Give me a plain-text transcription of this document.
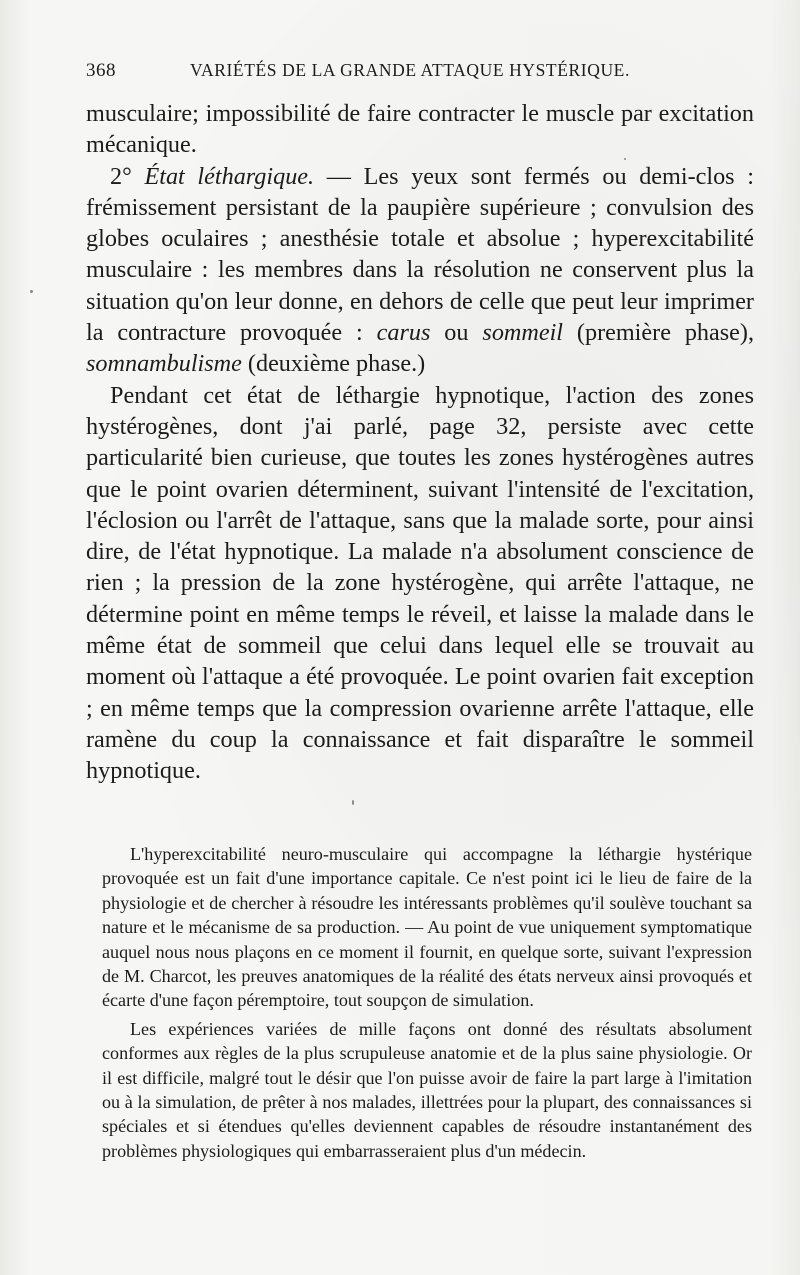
368	VARIÉTÉS DE LA GRANDE ATTAQUE HYSTÉRIQUE.

musculaire; impossibilité de faire contracter le muscle par excitation mécanique.

2° État léthargique. — Les yeux sont fermés ou demi-clos : frémissement persistant de la paupière supérieure ; convulsion des globes oculaires ; anesthésie totale et absolue ; hyperexcitabilité musculaire : les membres dans la résolution ne conservent plus la situation qu'on leur donne, en dehors de celle que peut leur imprimer la contracture provoquée : carus ou sommeil (première phase), somnambulisme (deuxième phase.)

Pendant cet état de léthargie hypnotique, l'action des zones hystérogènes, dont j'ai parlé, page 32, persiste avec cette particularité bien curieuse, que toutes les zones hystérogènes autres que le point ovarien déterminent, suivant l'intensité de l'excitation, l'éclosion ou l'arrêt de l'attaque, sans que la malade sorte, pour ainsi dire, de l'état hypnotique. La malade n'a absolument conscience de rien ; la pression de la zone hystérogène, qui arrête l'attaque, ne détermine point en même temps le réveil, et laisse la malade dans le même état de sommeil que celui dans lequel elle se trouvait au moment où l'attaque a été provoquée. Le point ovarien fait exception ; en même temps que la compression ovarienne arrête l'attaque, elle ramène du coup la connaissance et fait disparaître le sommeil hypnotique.

L'hyperexcitabilité neuro-musculaire qui accompagne la léthargie hystérique provoquée est un fait d'une importance capitale. Ce n'est point ici le lieu de faire de la physiologie et de chercher à résoudre les intéressants problèmes qu'il soulève touchant sa nature et le mécanisme de sa production. — Au point de vue uniquement symptomatique auquel nous nous plaçons en ce moment il fournit, en quelque sorte, suivant l'expression de M. Charcot, les preuves anatomiques de la réalité des états nerveux ainsi provoqués et écarte d'une façon péremptoire, tout soupçon de simulation.

Les expériences variées de mille façons ont donné des résultats absolument conformes aux règles de la plus scrupuleuse anatomie et de la plus saine physiologie. Or il est difficile, malgré tout le désir que l'on puisse avoir de faire la part large à l'imitation ou à la simulation, de prêter à nos malades, illettrées pour la plupart, des connaissances si spéciales et si étendues qu'elles deviennent capables de résoudre instantanément des problèmes physiologiques qui embarrasseraient plus d'un médecin.
